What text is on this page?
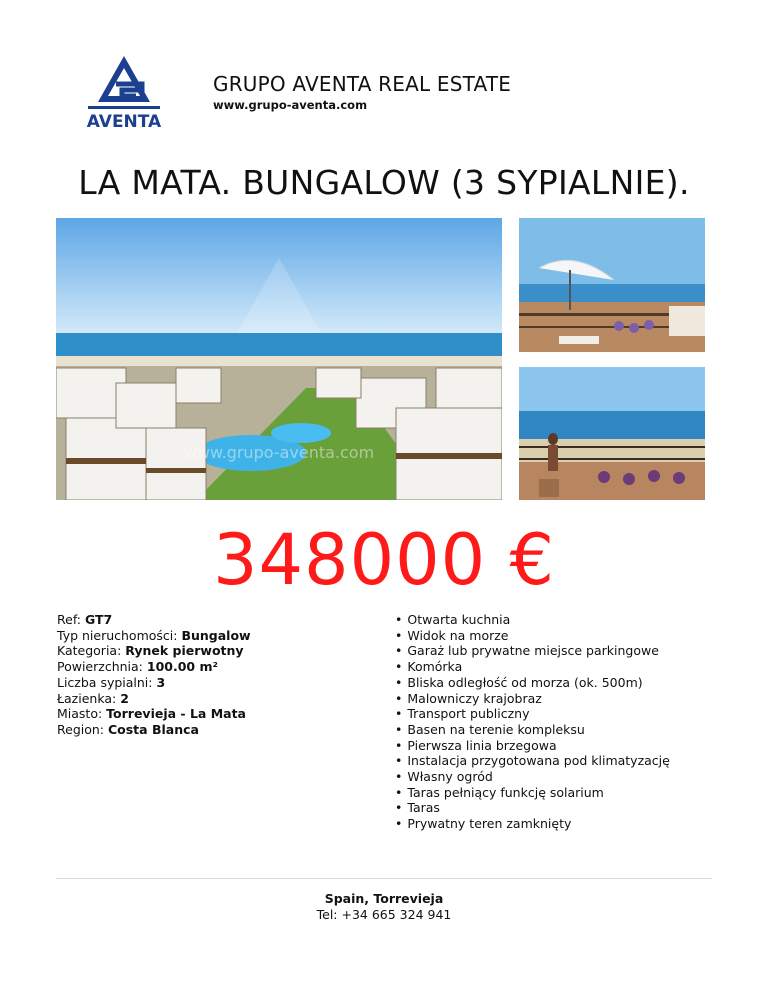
AVENTA
GRUPO AVENTA REAL ESTATE
www.grupo-aventa.com
LA MATA. BUNGALOW (3 SYPIALNIE).
www.grupo-aventa.com
348000 €
Ref: GT7
Typ nieruchomości: Bungalow
Kategoria: Rynek pierwotny
Powierzchnia: 100.00 m²
Liczba sypialni: 3
Łazienka: 2
Miasto: Torrevieja - La Mata
Region: Costa Blanca
• Otwarta kuchnia
• Widok na morze
• Garaż lub prywatne miejsce parkingowe
• Komórka
• Bliska odległość od morza (ok. 500m)
• Malowniczy krajobraz
• Transport publiczny
• Basen na terenie kompleksu
• Pierwsza linia brzegowa
• Instalacja przygotowana pod klimatyzację
• Własny ogród
• Taras pełniący funkcję solarium
• Taras
• Prywatny teren zamknięty
Spain, Torrevieja
Tel: +34 665 324 941
